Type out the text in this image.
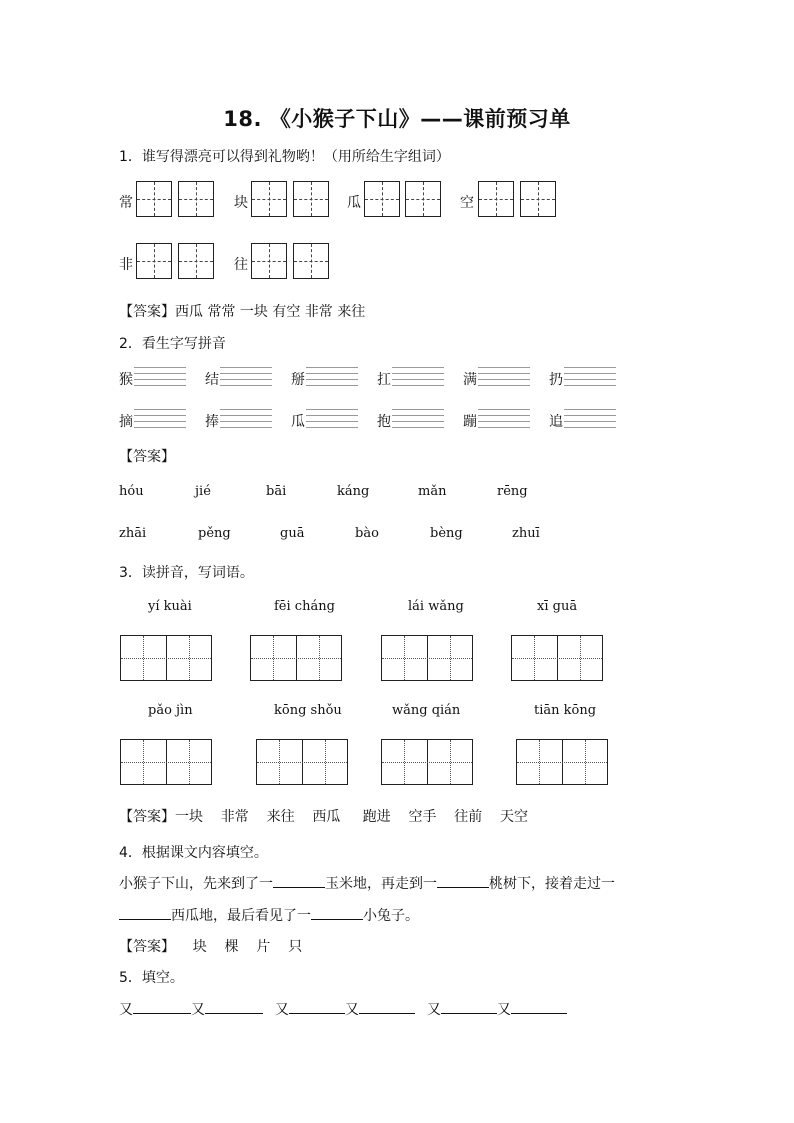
18. 《小猴子下山》——课前预习单
1．谁写得漂亮可以得到礼物哟！（用所给生字组词）
常	块	瓜	空
非	往
【答案】西瓜 常常 一块 有空 非常 来往
2．看生字写拼音
猴	结	掰	扛	满	扔
摘	捧	瓜	抱	蹦	追
【答案】
hóu	jié	bāi	káng	mǎn	rēng
zhāi	pěng	guā	bào	bèng	zhuī
3．读拼音，写词语。
yí kuài	fēi cháng	lái wǎng	xī guā
pǎo jìn	kōng shǒu	wǎng qián	tiān kōng
【答案】一块    非常    来往    西瓜     跑进    空手    往前    天空
4．根据课文内容填空。
小猴子下山，先来到了一	玉米地，再走到一	桃树下，接着走过一
西瓜地，最后看见了一	小兔子。
【答案】    块    棵    片    只
5．填空。
又	又	又	又	又	又
